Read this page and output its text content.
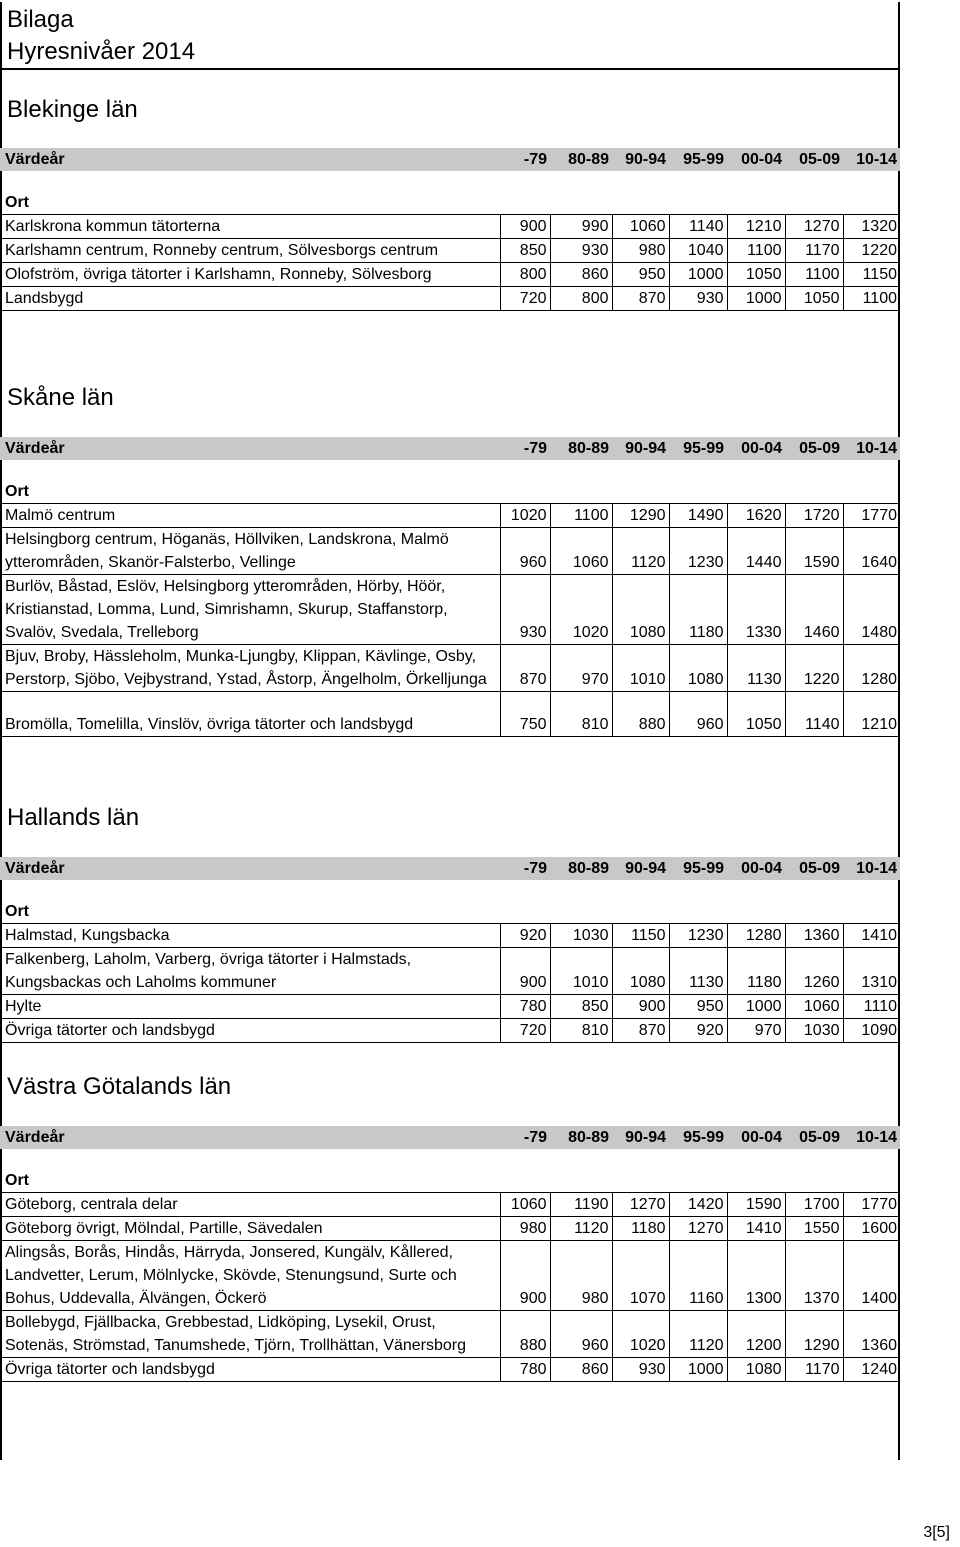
Bilaga
Hyresnivåer 2014
Blekinge län
Värdeår	-79	80-89	90-94	95-99	00-04	05-09	10-14

Ort							
Karlskrona kommun tätorterna	900	990	1060	1140	1210	1270	1320
Karlshamn centrum, Ronneby centrum, Sölvesborgs centrum	850	930	980	1040	1100	1170	1220
Olofström, övriga tätorter i Karlshamn, Ronneby, Sölvesborg	800	860	950	1000	1050	1100	1150
Landsbygd	720	800	870	930	1000	1050	1100
Skåne län
Värdeår	-79	80-89	90-94	95-99	00-04	05-09	10-14

Ort							
Malmö centrum	1020	1100	1290	1490	1620	1720	1770
Helsingborg centrum, Höganäs, Höllviken, Landskrona, Malmö ytterområden, Skanör-Falsterbo, Vellinge	960	1060	1120	1230	1440	1590	1640
Burlöv, Båstad, Eslöv, Helsingborg ytterområden, Hörby, Höör, Kristianstad, Lomma, Lund, Simrishamn, Skurup, Staffanstorp, Svalöv, Svedala, Trelleborg	930	1020	1080	1180	1330	1460	1480
Bjuv, Broby, Hässleholm, Munka-Ljungby, Klippan, Kävlinge, Osby, Perstorp, Sjöbo, Vejbystrand, Ystad, Åstorp, Ängelholm, Örkelljunga	870	970	1010	1080	1130	1220	1280
Bromölla, Tomelilla, Vinslöv, övriga tätorter och landsbygd	750	810	880	960	1050	1140	1210
Hallands län
Värdeår	-79	80-89	90-94	95-99	00-04	05-09	10-14

Ort							
Halmstad, Kungsbacka	920	1030	1150	1230	1280	1360	1410
Falkenberg, Laholm, Varberg, övriga tätorter i Halmstads, Kungsbackas och Laholms kommuner	900	1010	1080	1130	1180	1260	1310
Hylte	780	850	900	950	1000	1060	1110
Övriga tätorter och landsbygd	720	810	870	920	970	1030	1090
Västra Götalands län
Värdeår	-79	80-89	90-94	95-99	00-04	05-09	10-14

Ort							
Göteborg, centrala delar	1060	1190	1270	1420	1590	1700	1770
Göteborg övrigt, Mölndal, Partille, Sävedalen	980	1120	1180	1270	1410	1550	1600
Alingsås, Borås, Hindås, Härryda, Jonsered, Kungälv, Kållered, Landvetter, Lerum, Mölnlycke, Skövde, Stenungsund, Surte och Bohus, Uddevalla, Älvängen, Öckerö	900	980	1070	1160	1300	1370	1400
Bollebygd, Fjällbacka, Grebbestad, Lidköping, Lysekil, Orust, Sotenäs, Strömstad, Tanumshede, Tjörn, Trollhättan, Vänersborg	880	960	1020	1120	1200	1290	1360
Övriga tätorter och landsbygd	780	860	930	1000	1080	1170	1240
3[5]
